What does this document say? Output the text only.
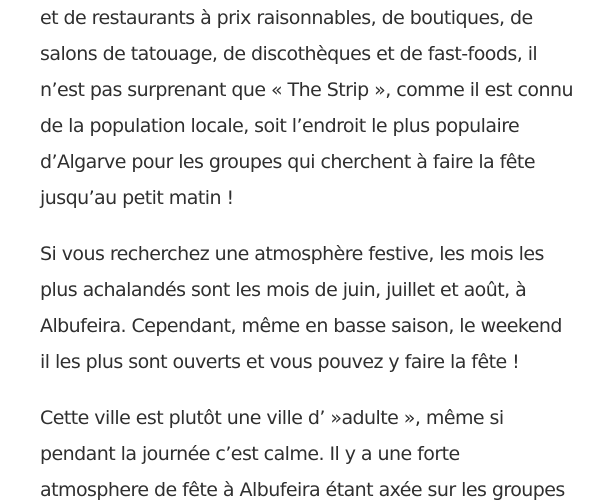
et de restaurants à prix raisonnables, de boutiques, de
salons de tatouage, de discothèques et de fast-foods, il
n’est pas surprenant que « The Strip », comme il est connu
de la population locale, soit l’endroit le plus populaire
d’Algarve pour les groupes qui cherchent à faire la fête
jusqu’au petit matin !

Si vous recherchez une atmosphère festive, les mois les
plus achalandés sont les mois de juin, juillet et août, à
Albufeira. Cependant, même en basse saison, le weekend
il les plus sont ouverts et vous pouvez y faire la fête !

Cette ville est plutôt une ville d’ »adulte », même si
pendant la journée c’est calme. Il y a une forte
atmosphere de fête à Albufeira étant axée sur les groupes
